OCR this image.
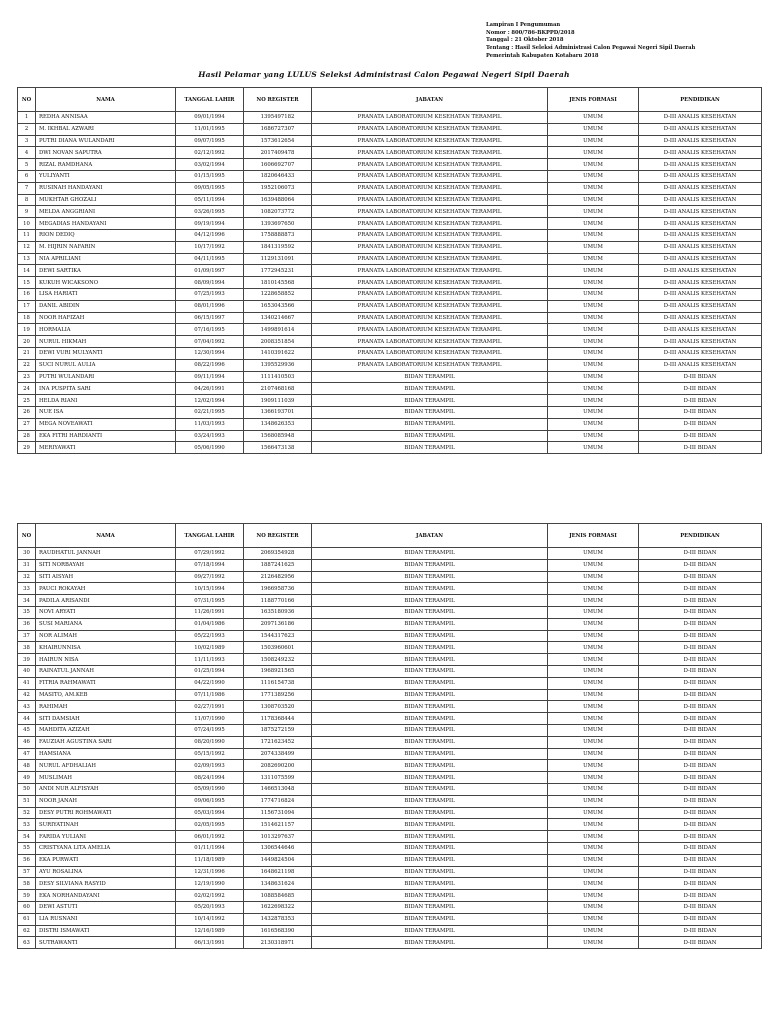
Lampiran I Pengumuman
Nomor : 800/786-BKPPD/2018
Tanggal : 21 Oktober 2018
Tentang : Hasil Seleksi Administrasi Calon Pegawai Negeri Sipil Daerah
Pemerintah Kabupaten Kotabaru 2018
Hasil Pelamar yang LULUS Seleksi Administrasi Calon Pegawai Negeri Sipil Daerah
NO	NAMA	TANGGAL LAHIR	NO REGISTER	JABATAN	JENIS FORMASI	PENDIDIKAN
1	REDHA ANNISAA	09/01/1994	1395497182	PRANATA LABORATORIUM KESEHATAN TERAMPIL	UMUM	D-III ANALIS KESEHATAN
2	M. IKHBAL AZWARI	11/01/1995	1686727307	PRANATA LABORATORIUM KESEHATAN TERAMPIL	UMUM	D-III ANALIS KESEHATAN
3	PUTRI DIANA WULANDARI	09/07/1995	1573612654	PRANATA LABORATORIUM KESEHATAN TERAMPIL	UMUM	D-III ANALIS KESEHATAN
4	DWI NOVAN SAPUTRA	02/12/1992	2017409478	PRANATA LABORATORIUM KESEHATAN TERAMPIL	UMUM	D-III ANALIS KESEHATAN
5	RIZAL RAMDHANA	03/02/1994	1606692707	PRANATA LABORATORIUM KESEHATAN TERAMPIL	UMUM	D-III ANALIS KESEHATAN
6	YULIYANTI	01/15/1995	1820646433	PRANATA LABORATORIUM KESEHATAN TERAMPIL	UMUM	D-III ANALIS KESEHATAN
7	RUSINAH HANDAYANI	09/05/1995	1952106073	PRANATA LABORATORIUM KESEHATAN TERAMPIL	UMUM	D-III ANALIS KESEHATAN
8	MUKHTAR GHOZALI	05/11/1994	1639488064	PRANATA LABORATORIUM KESEHATAN TERAMPIL	UMUM	D-III ANALIS KESEHATAN
9	MELDA ANGGRIANI	03/26/1995	1082073772	PRANATA LABORATORIUM KESEHATAN TERAMPIL	UMUM	D-III ANALIS KESEHATAN
10	MEGADIAS HANDAYANI	09/19/1994	1393697650	PRANATA LABORATORIUM KESEHATAN TERAMPIL	UMUM	D-III ANALIS KESEHATAN
11	RION DEDIQ	04/12/1996	1758888873	PRANATA LABORATORIUM KESEHATAN TERAMPIL	UMUM	D-III ANALIS KESEHATAN
12	M. HIJRIN NAFARIN	10/17/1992	1841319592	PRANATA LABORATORIUM KESEHATAN TERAMPIL	UMUM	D-III ANALIS KESEHATAN
13	NIA APRILIANI	04/11/1995	1129131091	PRANATA LABORATORIUM KESEHATAN TERAMPIL	UMUM	D-III ANALIS KESEHATAN
14	DEWI SARTIKA	01/09/1997	1772945231	PRANATA LABORATORIUM KESEHATAN TERAMPIL	UMUM	D-III ANALIS KESEHATAN
15	KUKUH WICAKSONO	08/09/1994	1810145568	PRANATA LABORATORIUM KESEHATAN TERAMPIL	UMUM	D-III ANALIS KESEHATAN
16	LISA HARIATI	07/25/1993	1228658852	PRANATA LABORATORIUM KESEHATAN TERAMPIL	UMUM	D-III ANALIS KESEHATAN
17	DANIL ABIDIN	08/01/1996	1653043566	PRANATA LABORATORIUM KESEHATAN TERAMPIL	UMUM	D-III ANALIS KESEHATAN
18	NOOR HAFIZAH	06/15/1997	1340214667	PRANATA LABORATORIUM KESEHATAN TERAMPIL	UMUM	D-III ANALIS KESEHATAN
19	HORMALIA	07/16/1995	1499891614	PRANATA LABORATORIUM KESEHATAN TERAMPIL	UMUM	D-III ANALIS KESEHATAN
20	NURUL HIKMAH	07/04/1992	2008351854	PRANATA LABORATORIUM KESEHATAN TERAMPIL	UMUM	D-III ANALIS KESEHATAN
21	DEWI VURI MULYANTI	12/30/1994	1410391622	PRANATA LABORATORIUM KESEHATAN TERAMPIL	UMUM	D-III ANALIS KESEHATAN
22	SUCI NURUL AULIA	08/22/1996	1395529936	PRANATA LABORATORIUM KESEHATAN TERAMPIL	UMUM	D-III ANALIS KESEHATAN
23	PUTRI WULANDARI	09/11/1994	1111410503	BIDAN TERAMPIL	UMUM	D-III BIDAN
24	INA PUSPITA SARI	04/26/1991	2107468168	BIDAN TERAMPIL	UMUM	D-III BIDAN
25	HELDA RIANI	12/02/1994	1909111039	BIDAN TERAMPIL	UMUM	D-III BIDAN
26	NUE ISA	02/21/1995	1366193701	BIDAN TERAMPIL	UMUM	D-III BIDAN
27	MEGA NOVEAWATI	11/03/1993	1348626353	BIDAN TERAMPIL	UMUM	D-III BIDAN
28	EKA FITRI HARDIANTI	03/24/1993	1568085948	BIDAN TERAMPIL	UMUM	D-III BIDAN
29	MERIYAWATI	05/06/1990	1566473138	BIDAN TERAMPIL	UMUM	D-III BIDAN
NO	NAMA	TANGGAL LAHIR	NO REGISTER	JABATAN	JENIS FORMASI	PENDIDIKAN
30	RAUDHATUL JANNAH	07/29/1992	2069354928	BIDAN TERAMPIL	UMUM	D-III BIDAN
31	SITI NORBAYAH	07/18/1994	1887241625	BIDAN TERAMPIL	UMUM	D-III BIDAN
32	SITI AISYAH	09/27/1992	2126482956	BIDAN TERAMPIL	UMUM	D-III BIDAN
33	PAUCI ROKAYAH	10/15/1994	1966958736	BIDAN TERAMPIL	UMUM	D-III BIDAN
34	PADILA ARISANDI	07/31/1995	1188770166	BIDAN TERAMPIL	UMUM	D-III BIDAN
35	NOVI ARYATI	11/26/1991	1635180936	BIDAN TERAMPIL	UMUM	D-III BIDAN
36	SUSI MARIANA	01/04/1986	2097136186	BIDAN TERAMPIL	UMUM	D-III BIDAN
37	NOR ALIMAH	05/22/1993	1544317623	BIDAN TERAMPIL	UMUM	D-III BIDAN
38	KHAIRUNNISA	10/02/1989	1503960601	BIDAN TERAMPIL	UMUM	D-III BIDAN
39	HAIRUN NISA	11/11/1993	1508249232	BIDAN TERAMPIL	UMUM	D-III BIDAN
40	RAINATUL JANNAH	01/25/1994	1968921565	BIDAN TERAMPIL	UMUM	D-III BIDAN
41	FITRIA RAHMAWATI	04/22/1990	1116154738	BIDAN TERAMPIL	UMUM	D-III BIDAN
42	MASITO, AM.KEB	07/11/1986	1771389256	BIDAN TERAMPIL	UMUM	D-III BIDAN
43	RAHIMAH	02/27/1991	1308703520	BIDAN TERAMPIL	UMUM	D-III BIDAN
44	SITI DAMSIAH	11/07/1990	1178368444	BIDAN TERAMPIL	UMUM	D-III BIDAN
45	MAHDITA AZIZAH	07/24/1995	1875272159	BIDAN TERAMPIL	UMUM	D-III BIDAN
46	FAUZIAH AGUSTINA SARI	08/20/1990	1721623452	BIDAN TERAMPIL	UMUM	D-III BIDAN
47	HAMSIANA	05/15/1992	2074338499	BIDAN TERAMPIL	UMUM	D-III BIDAN
48	NURUL AFDHALIAH	02/09/1993	2082690200	BIDAN TERAMPIL	UMUM	D-III BIDAN
49	MUSLIMAH	08/24/1994	1311075599	BIDAN TERAMPIL	UMUM	D-III BIDAN
50	ANDI NUR ALFISYAH	05/09/1990	1466513048	BIDAN TERAMPIL	UMUM	D-III BIDAN
51	NOOR JANAH	09/06/1995	1774716824	BIDAN TERAMPIL	UMUM	D-III BIDAN
52	DESY PUTRI ROHMAWATI	05/03/1994	1156731094	BIDAN TERAMPIL	UMUM	D-III BIDAN
53	SURIYATINAH	02/05/1995	1514621157	BIDAN TERAMPIL	UMUM	D-III BIDAN
54	FARIDA YULIANI	06/01/1992	1013297637	BIDAN TERAMPIL	UMUM	D-III BIDAN
55	CRISTYANA LITA AMELIA	01/11/1994	1306544646	BIDAN TERAMPIL	UMUM	D-III BIDAN
56	EKA PURWATI	11/18/1989	1449824504	BIDAN TERAMPIL	UMUM	D-III BIDAN
57	AYU ROSALINA	12/31/1996	1648621198	BIDAN TERAMPIL	UMUM	D-III BIDAN
58	DESY SILVIANA RASYID	12/19/1990	1348631624	BIDAN TERAMPIL	UMUM	D-III BIDAN
59	EKA NORHANDAYANI	02/02/1992	1088584685	BIDAN TERAMPIL	UMUM	D-III BIDAN
60	DEWI ASTUTI	05/20/1993	1622698322	BIDAN TERAMPIL	UMUM	D-III BIDAN
61	LIA RUSNANI	10/14/1992	1432878353	BIDAN TERAMPIL	UMUM	D-III BIDAN
62	DISTRI ISMAWATI	12/16/1989	1616568390	BIDAN TERAMPIL	UMUM	D-III BIDAN
63	SUTRAWANTI	06/13/1991	2130318971	BIDAN TERAMPIL	UMUM	D-III BIDAN
